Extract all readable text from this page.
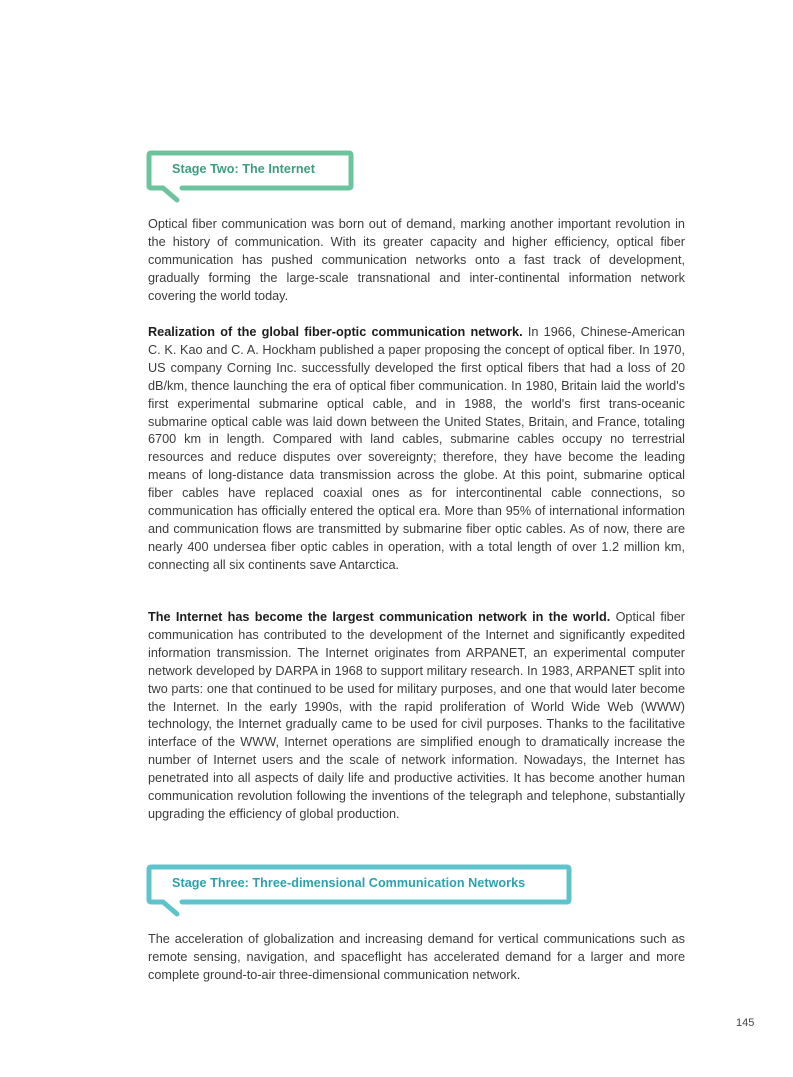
Stage Two: The Internet

Optical fiber communication was born out of demand, marking another important revolution in the history of communication. With its greater capacity and higher efficiency, optical fiber communication has pushed communication networks onto a fast track of development, gradually forming the large-scale transnational and inter-continental information network covering the world today.

Realization of the global fiber-optic communication network. In 1966, Chinese-American C. K. Kao and C. A. Hockham published a paper proposing the concept of optical fiber. In 1970, US company Corning Inc. successfully developed the first optical fibers that had a loss of 20 dB/km, thence launching the era of optical fiber communication. In 1980, Britain laid the world's first experimental submarine optical cable, and in 1988, the world's first trans-oceanic submarine optical cable was laid down between the United States, Britain, and France, totaling 6700 km in length. Compared with land cables, submarine cables occupy no terrestrial resources and reduce disputes over sovereignty; therefore, they have become the leading means of long-distance data transmission across the globe. At this point, submarine optical fiber cables have replaced coaxial ones as for intercontinental cable connections, so communication has officially entered the optical era. More than 95% of international information and communication flows are transmitted by submarine fiber optic cables. As of now, there are nearly 400 undersea fiber optic cables in operation, with a total length of over 1.2 million km, connecting all six continents save Antarctica.

The Internet has become the largest communication network in the world. Optical fiber communication has contributed to the development of the Internet and significantly expedited information transmission. The Internet originates from ARPANET, an experimental computer network developed by DARPA in 1968 to support military research. In 1983, ARPANET split into two parts: one that continued to be used for military purposes, and one that would later become the Internet. In the early 1990s, with the rapid proliferation of World Wide Web (WWW) technology, the Internet gradually came to be used for civil purposes. Thanks to the facilitative interface of the WWW, Internet operations are simplified enough to dramatically increase the number of Internet users and the scale of network information. Nowadays, the Internet has penetrated into all aspects of daily life and productive activities. It has become another human communication revolution following the inventions of the telegraph and telephone, substantially upgrading the efficiency of global production.

Stage Three: Three-dimensional Communication Networks

The acceleration of globalization and increasing demand for vertical communications such as remote sensing, navigation, and spaceflight has accelerated demand for a larger and more complete ground-to-air three-dimensional communication network.

145
